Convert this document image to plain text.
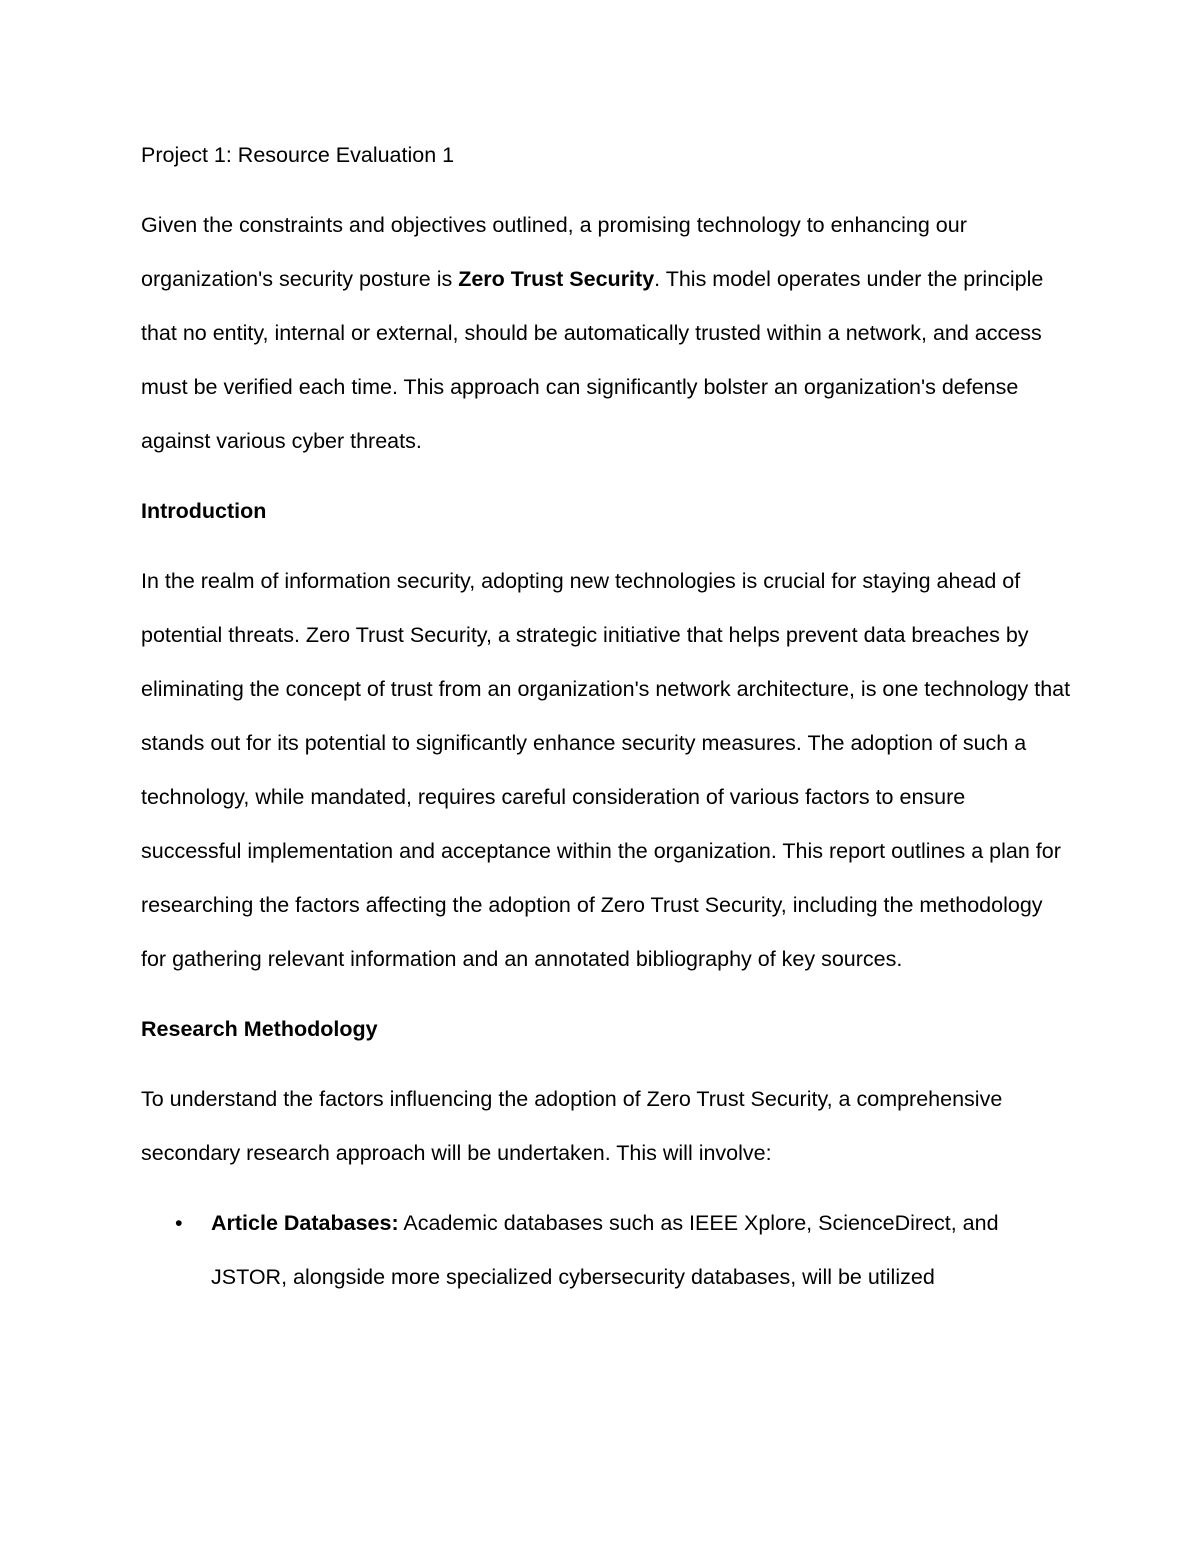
Project 1: Resource Evaluation 1

Given the constraints and objectives outlined, a promising technology to enhancing our organization's security posture is Zero Trust Security. This model operates under the principle that no entity, internal or external, should be automatically trusted within a network, and access must be verified each time. This approach can significantly bolster an organization's defense against various cyber threats.

Introduction

In the realm of information security, adopting new technologies is crucial for staying ahead of potential threats. Zero Trust Security, a strategic initiative that helps prevent data breaches by eliminating the concept of trust from an organization's network architecture, is one technology that stands out for its potential to significantly enhance security measures. The adoption of such a technology, while mandated, requires careful consideration of various factors to ensure successful implementation and acceptance within the organization. This report outlines a plan for researching the factors affecting the adoption of Zero Trust Security, including the methodology for gathering relevant information and an annotated bibliography of key sources.

Research Methodology

To understand the factors influencing the adoption of Zero Trust Security, a comprehensive secondary research approach will be undertaken. This will involve:

• Article Databases: Academic databases such as IEEE Xplore, ScienceDirect, and JSTOR, alongside more specialized cybersecurity databases, will be utilized
